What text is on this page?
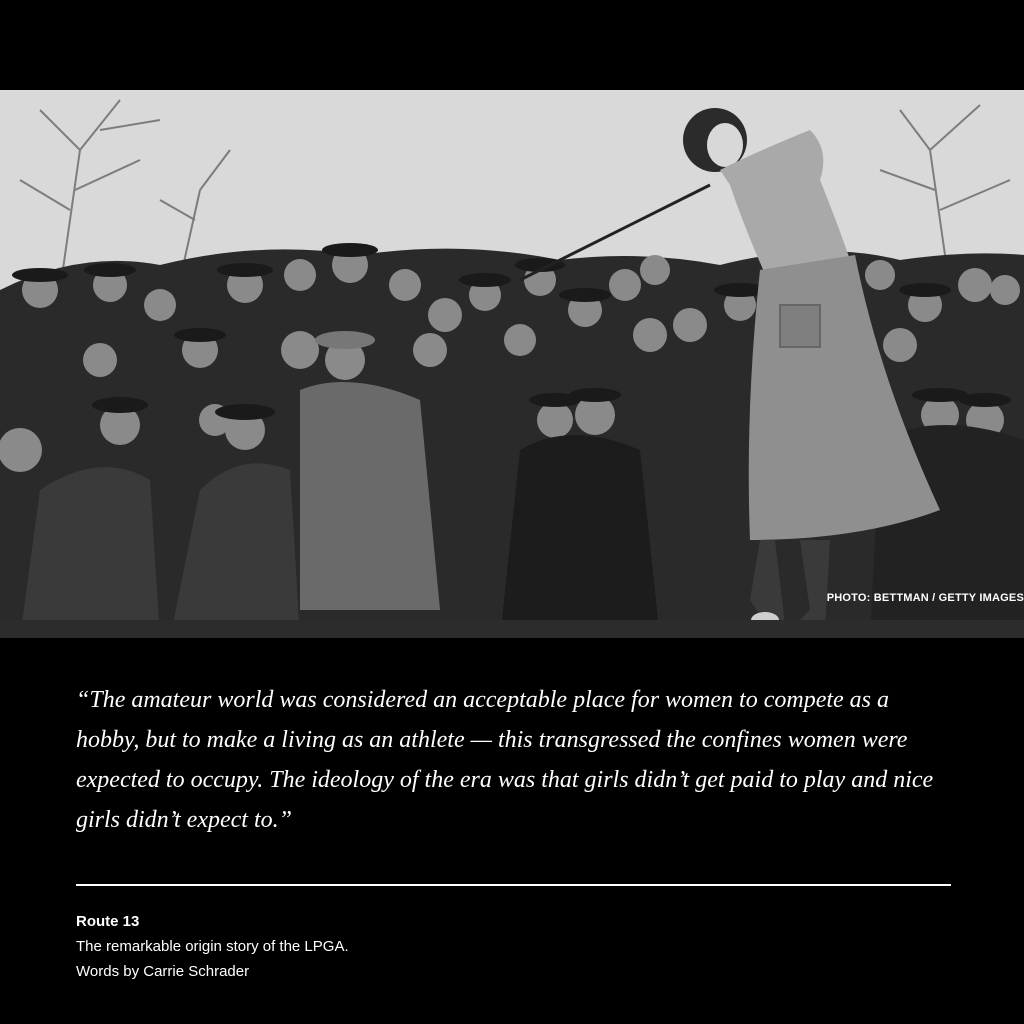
PHOTO: BETTMAN / GETTY IMAGES

“The amateur world was considered an acceptable place for women to compete as a hobby, but to make a living as an athlete — this transgressed the confines women were expected to occupy. The ideology of the era was that girls didn’t get paid to play and nice girls didn’t expect to.”

Route 13
The remarkable origin story of the LPGA.
Words by Carrie Schrader
